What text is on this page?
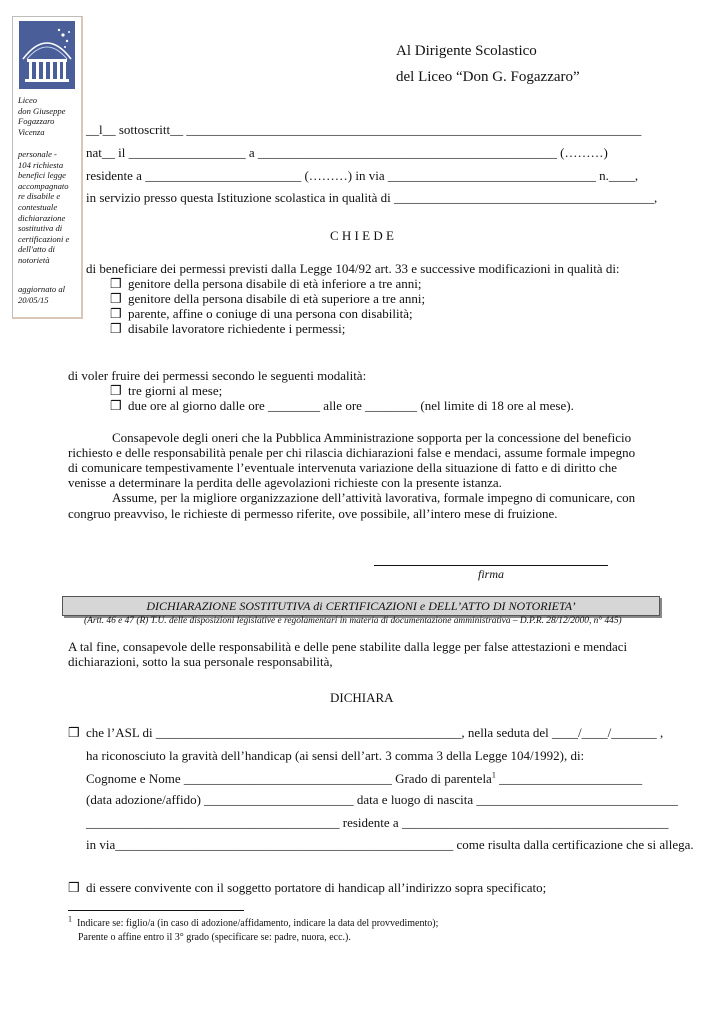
Liceo
don Giuseppe
Fogazzaro
Vicenza
personale -
104 richiesta
benefici legge
accompagnato
re disabile e
contestuale
dichiarazione
sostitutiva di
certificazioni e
dell'atto di
notorietà
aggiornato al
20/05/15
Al Dirigente Scolastico
del Liceo “Don G. Fogazzaro”
__l__ sottoscritt__ ______________________________________________________________________
nat__ il __________________ a ______________________________________________ (………)
residente a ________________________ (………) in via ________________________________ n.____,
in servizio presso questa Istituzione scolastica in qualità di ________________________________________,
C H I E D E
di beneficiare dei permessi previsti dalla Legge 104/92 art. 33 e successive modificazioni in qualità di:
❒ genitore della persona disabile di età inferiore a tre anni;
❒ genitore della persona disabile di età superiore a tre anni;
❒ parente, affine o coniuge di una persona con disabilità;
❒ disabile lavoratore richiedente i permessi;
di voler fruire dei permessi secondo le seguenti modalità:
❒ tre giorni al mese;
❒ due ore al giorno dalle ore ________ alle ore ________ (nel limite di 18 ore al mese).
Consapevole degli oneri che la Pubblica Amministrazione sopporta per la concessione del beneficio
richiesto e delle responsabilità penale per chi rilascia dichiarazioni false e mendaci, assume formale impegno
di comunicare tempestivamente l’eventuale intervenuta variazione della situazione di fatto e di diritto che
venisse a determinare la perdita delle agevolazioni richieste con la presente istanza.
Assume, per la migliore organizzazione dell’attività lavorativa, formale impegno di comunicare, con
congruo preavviso, le richieste di permesso riferite, ove possibile, all’intero mese di fruizione.
firma
DICHIARAZIONE SOSTITUTIVA di CERTIFICAZIONI e DELL’ATTO DI NOTORIETA’
(Artt. 46 e 47 (R) T.U. delle disposizioni legislative e regolamentari in materia di documentazione amministrativa – D.P.R. 28/12/2000, n° 445)
A tal fine, consapevole delle responsabilità e delle pene stabilite dalla legge per false attestazioni e mendaci
dichiarazioni, sotto la sua personale responsabilità,
DICHIARA
❒ che l’ASL di _______________________________________________, nella seduta del ____/____/_______ ,
ha riconosciuto la gravità dell’handicap (ai sensi dell’art. 3 comma 3 della Legge 104/1992), di:
Cognome e Nome ________________________________ Grado di parentela$^1$ ______________________
(data adozione/affido) _______________________ data e luogo di nascita _______________________________
_______________________________________ residente a _________________________________________
in via____________________________________________________ come risulta dalla certificazione che si allega.
❒ di essere convivente con il soggetto portatore di handicap all’indirizzo sopra specificato;
$^1$ Indicare se: figlio/a (in caso di adozione/affidamento, indicare la data del provvedimento);
Parente o affine entro il 3° grado (specificare se: padre, nuora, ecc.).
